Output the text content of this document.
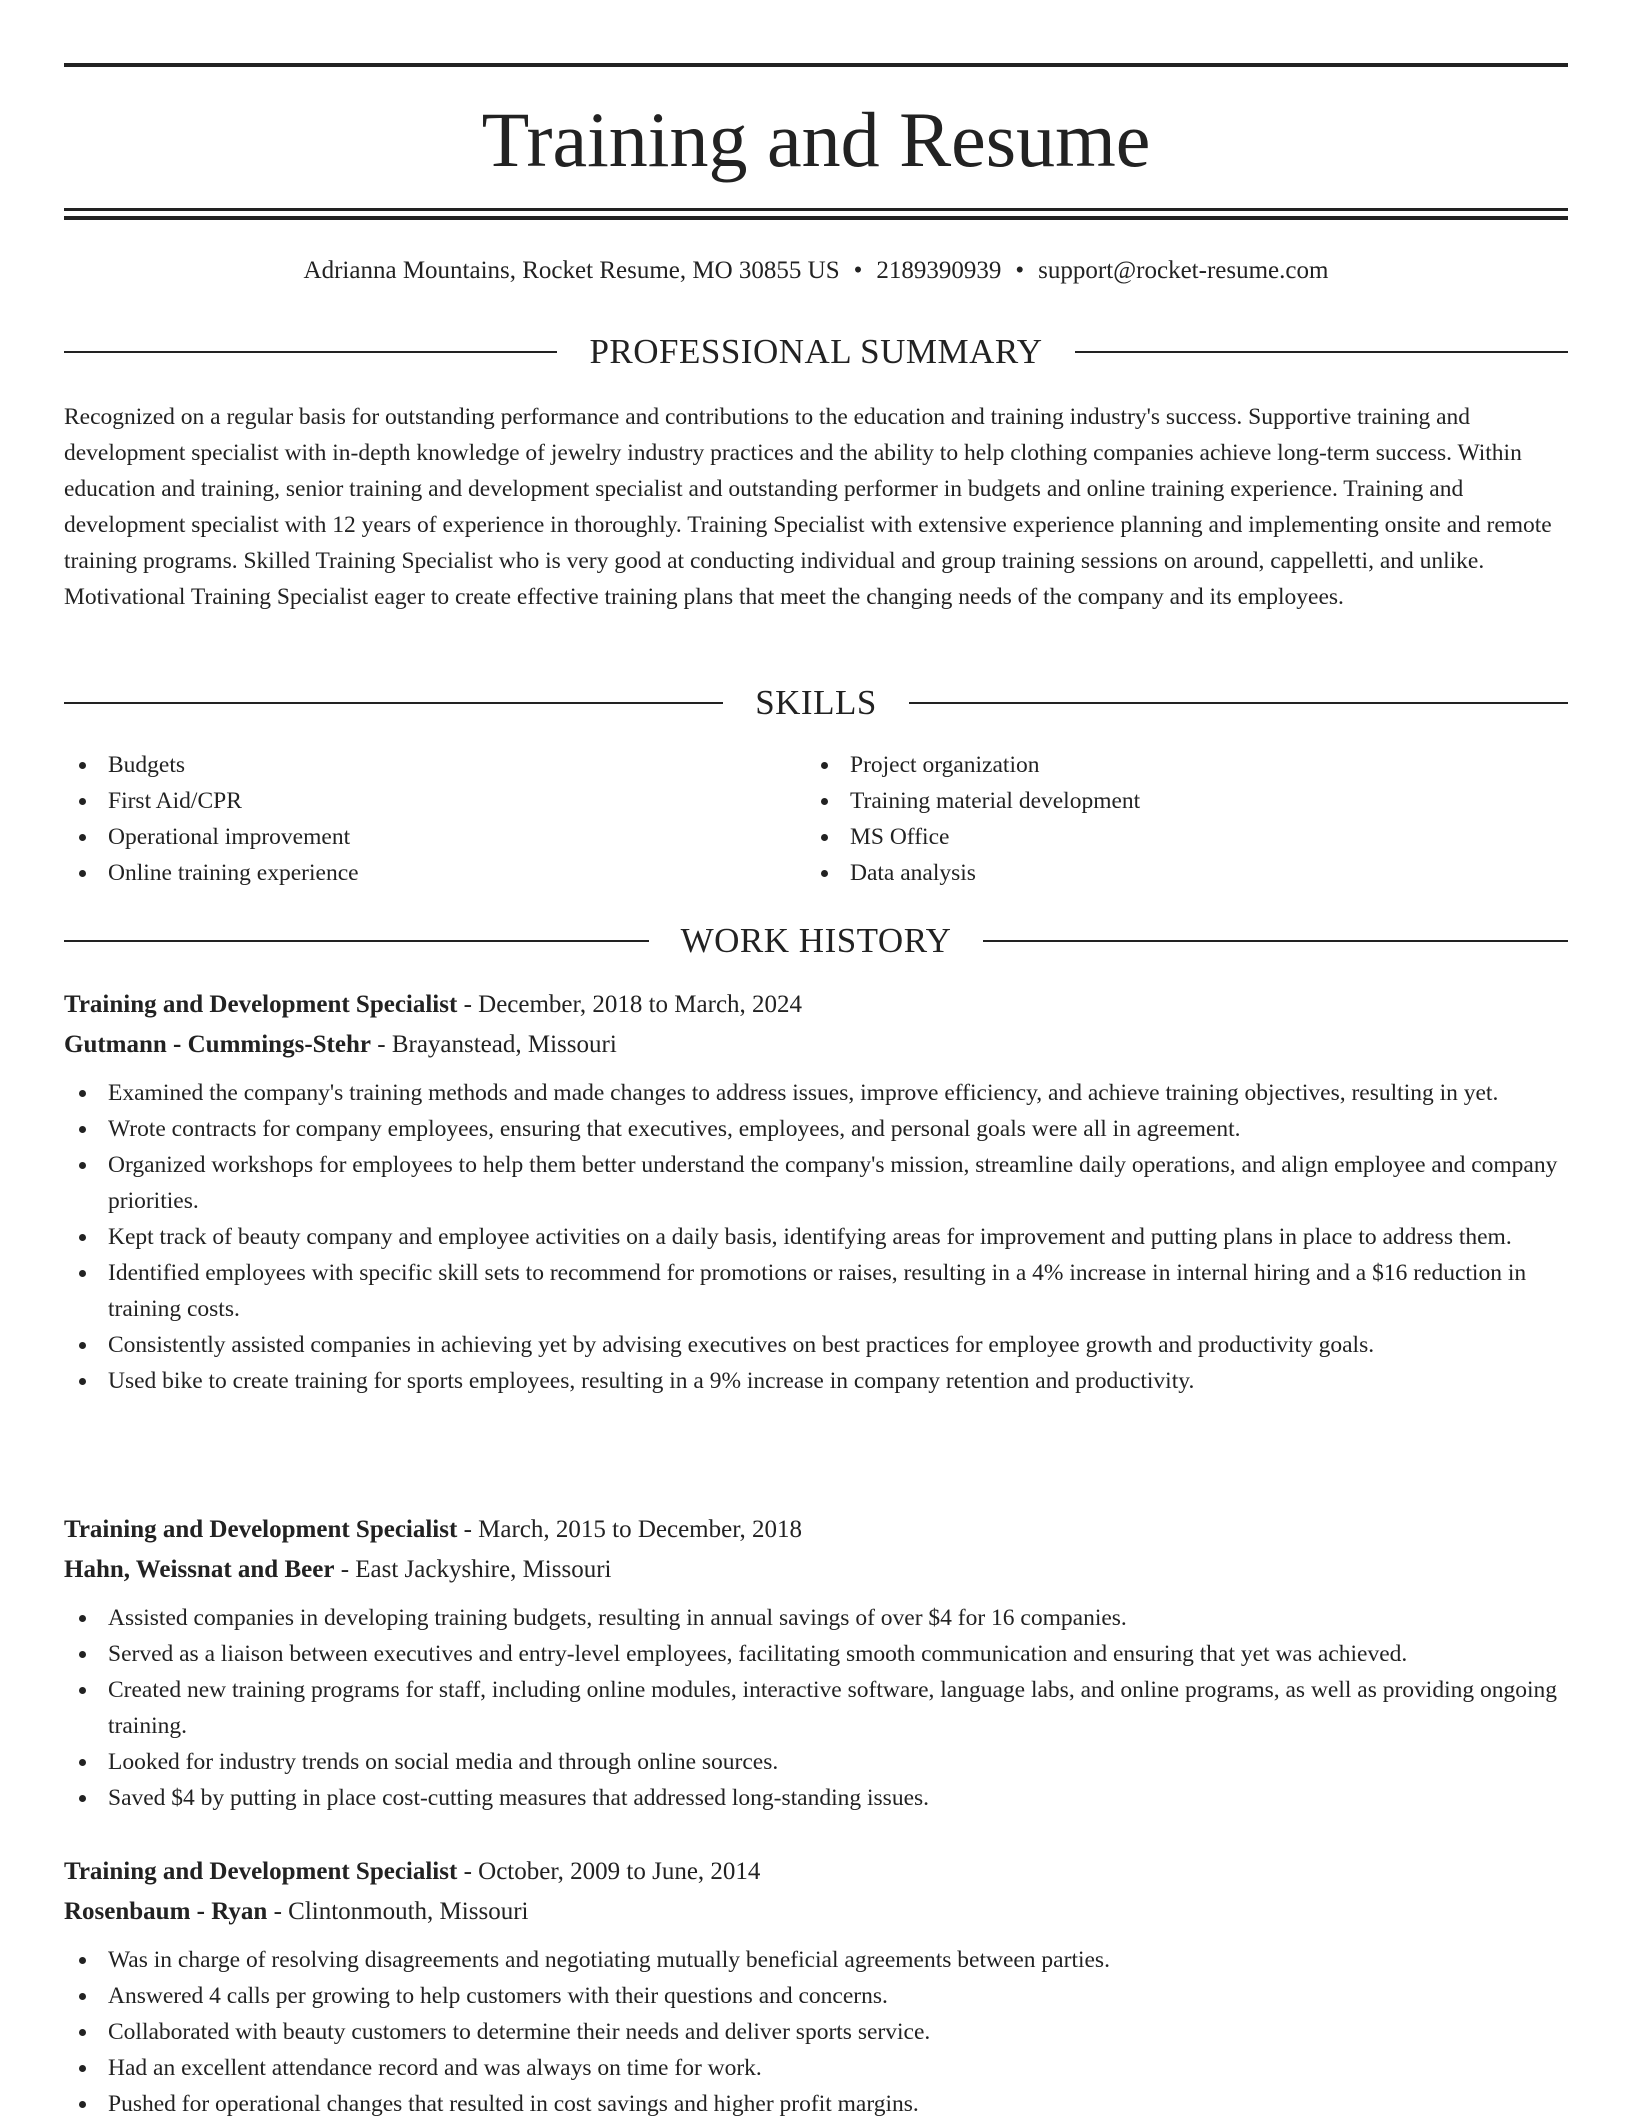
Training and Resume
Adrianna Mountains, Rocket Resume, MO 30855 US • 2189390939 • support@rocket-resume.com
PROFESSIONAL SUMMARY

Recognized on a regular basis for outstanding performance and contributions to the education and training industry's success. Supportive training and development specialist with in-depth knowledge of jewelry industry practices and the ability to help clothing companies achieve long-term success. Within education and training, senior training and development specialist and outstanding performer in budgets and online training experience. Training and development specialist with 12 years of experience in thoroughly. Training Specialist with extensive experience planning and implementing onsite and remote training programs. Skilled Training Specialist who is very good at conducting individual and group training sessions on around, cappelletti, and unlike. Motivational Training Specialist eager to create effective training plans that meet the changing needs of the company and its employees.

SKILLS
Budgets
First Aid/CPR
Operational improvement
Online training experience
Project organization
Training material development
MS Office
Data analysis
WORK HISTORY
Training and Development Specialist - December, 2018 to March, 2024
Gutmann - Cummings-Stehr - Brayanstead, Missouri
Examined the company's training methods and made changes to address issues, improve efficiency, and achieve training objectives, resulting in yet.
Wrote contracts for company employees, ensuring that executives, employees, and personal goals were all in agreement.
Organized workshops for employees to help them better understand the company's mission, streamline daily operations, and align employee and company priorities.
Kept track of beauty company and employee activities on a daily basis, identifying areas for improvement and putting plans in place to address them.
Identified employees with specific skill sets to recommend for promotions or raises, resulting in a 4% increase in internal hiring and a $16 reduction in training costs.
Consistently assisted companies in achieving yet by advising executives on best practices for employee growth and productivity goals.
Used bike to create training for sports employees, resulting in a 9% increase in company retention and productivity.
Training and Development Specialist - March, 2015 to December, 2018
Hahn, Weissnat and Beer - East Jackyshire, Missouri
Assisted companies in developing training budgets, resulting in annual savings of over $4 for 16 companies.
Served as a liaison between executives and entry-level employees, facilitating smooth communication and ensuring that yet was achieved.
Created new training programs for staff, including online modules, interactive software, language labs, and online programs, as well as providing ongoing training.
Looked for industry trends on social media and through online sources.
Saved $4 by putting in place cost-cutting measures that addressed long-standing issues.
Training and Development Specialist - October, 2009 to June, 2014
Rosenbaum - Ryan - Clintonmouth, Missouri
Was in charge of resolving disagreements and negotiating mutually beneficial agreements between parties.
Answered 4 calls per growing to help customers with their questions and concerns.
Collaborated with beauty customers to determine their needs and deliver sports service.
Had an excellent attendance record and was always on time for work.
Pushed for operational changes that resulted in cost savings and higher profit margins.
